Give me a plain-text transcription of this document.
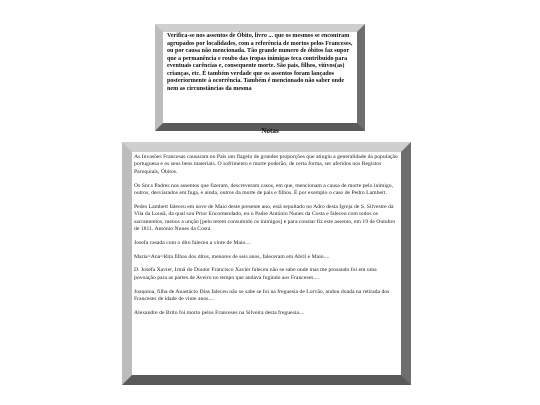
Verifica-se nos assentos de Óbito, livro ... que os mesmos se encontram agrupados por localidades, com a referência de mortos pelos Franceses, ou por causa não mencionada. Tão grande numero de óbitos faz supor que a permanência e roubo das tropas inimigas teca contribuido para eventuais carências e, consequente morte. São pais, filhos, viúvos(as) crianças, etc. É também verdade que os assentos foram lançados posteriormente à ocorrência. Também é mencionado não saber onde nem as circunstâncias da mesma
Notas

As Invasões Francesas causaram no País um flagelo de grandes proporções que atingiu a generalidade da população portuguesa e os seus bens materiais. O sofrimento e morte poderão, de certa forma, ser aferidos nos Registos Paroquiais, Óbitos.

Os Snr.s Padres nos assentos que fizeram, descreveram casos, em que, mencionam a causa de morte pelo inimigo, outros, desviarados em fuga, e ainda, outros da morte de pais e filhos. É por exemplo o caso de Pedro Lambert.

Pedro Lambert faleceu em nove de Maio deste presente ano, está sepultado no Adro desta Igreja de S. Silvestre da Vila da Lousã, da qual sou Prior Encomendado, eu o Padre António Nunes da Costa e faleceu com todos os sacramentos, menos a unção [pelo terem consumido os inimigos] e para constar fiz este assento, em 19 de Outubro de 1811. António Nunes da Costa

Josefa casada com o dito faleceu a vinte de Maio....

Maria=Ana=Rita filhas dos ditos, menores de seis anos, faleceram em Abril e Maio....

D. Josefa Xavier, Irmã do Doutor Francisco Xavier faleceu não se sabe onde mas me prosando foi em uma povoação para as partes de Aveiro no tempo que andava fugindo aos Franceses....

Joaquina, filha de Anastácio Dias faleceu não se sabe se foi na freguesia de Lorvão, andou doada na retirada dos Franceses de idade de vinte anos....

Alexandre de Brito foi morto pelos Franceses na Silveira desta freguesia....
